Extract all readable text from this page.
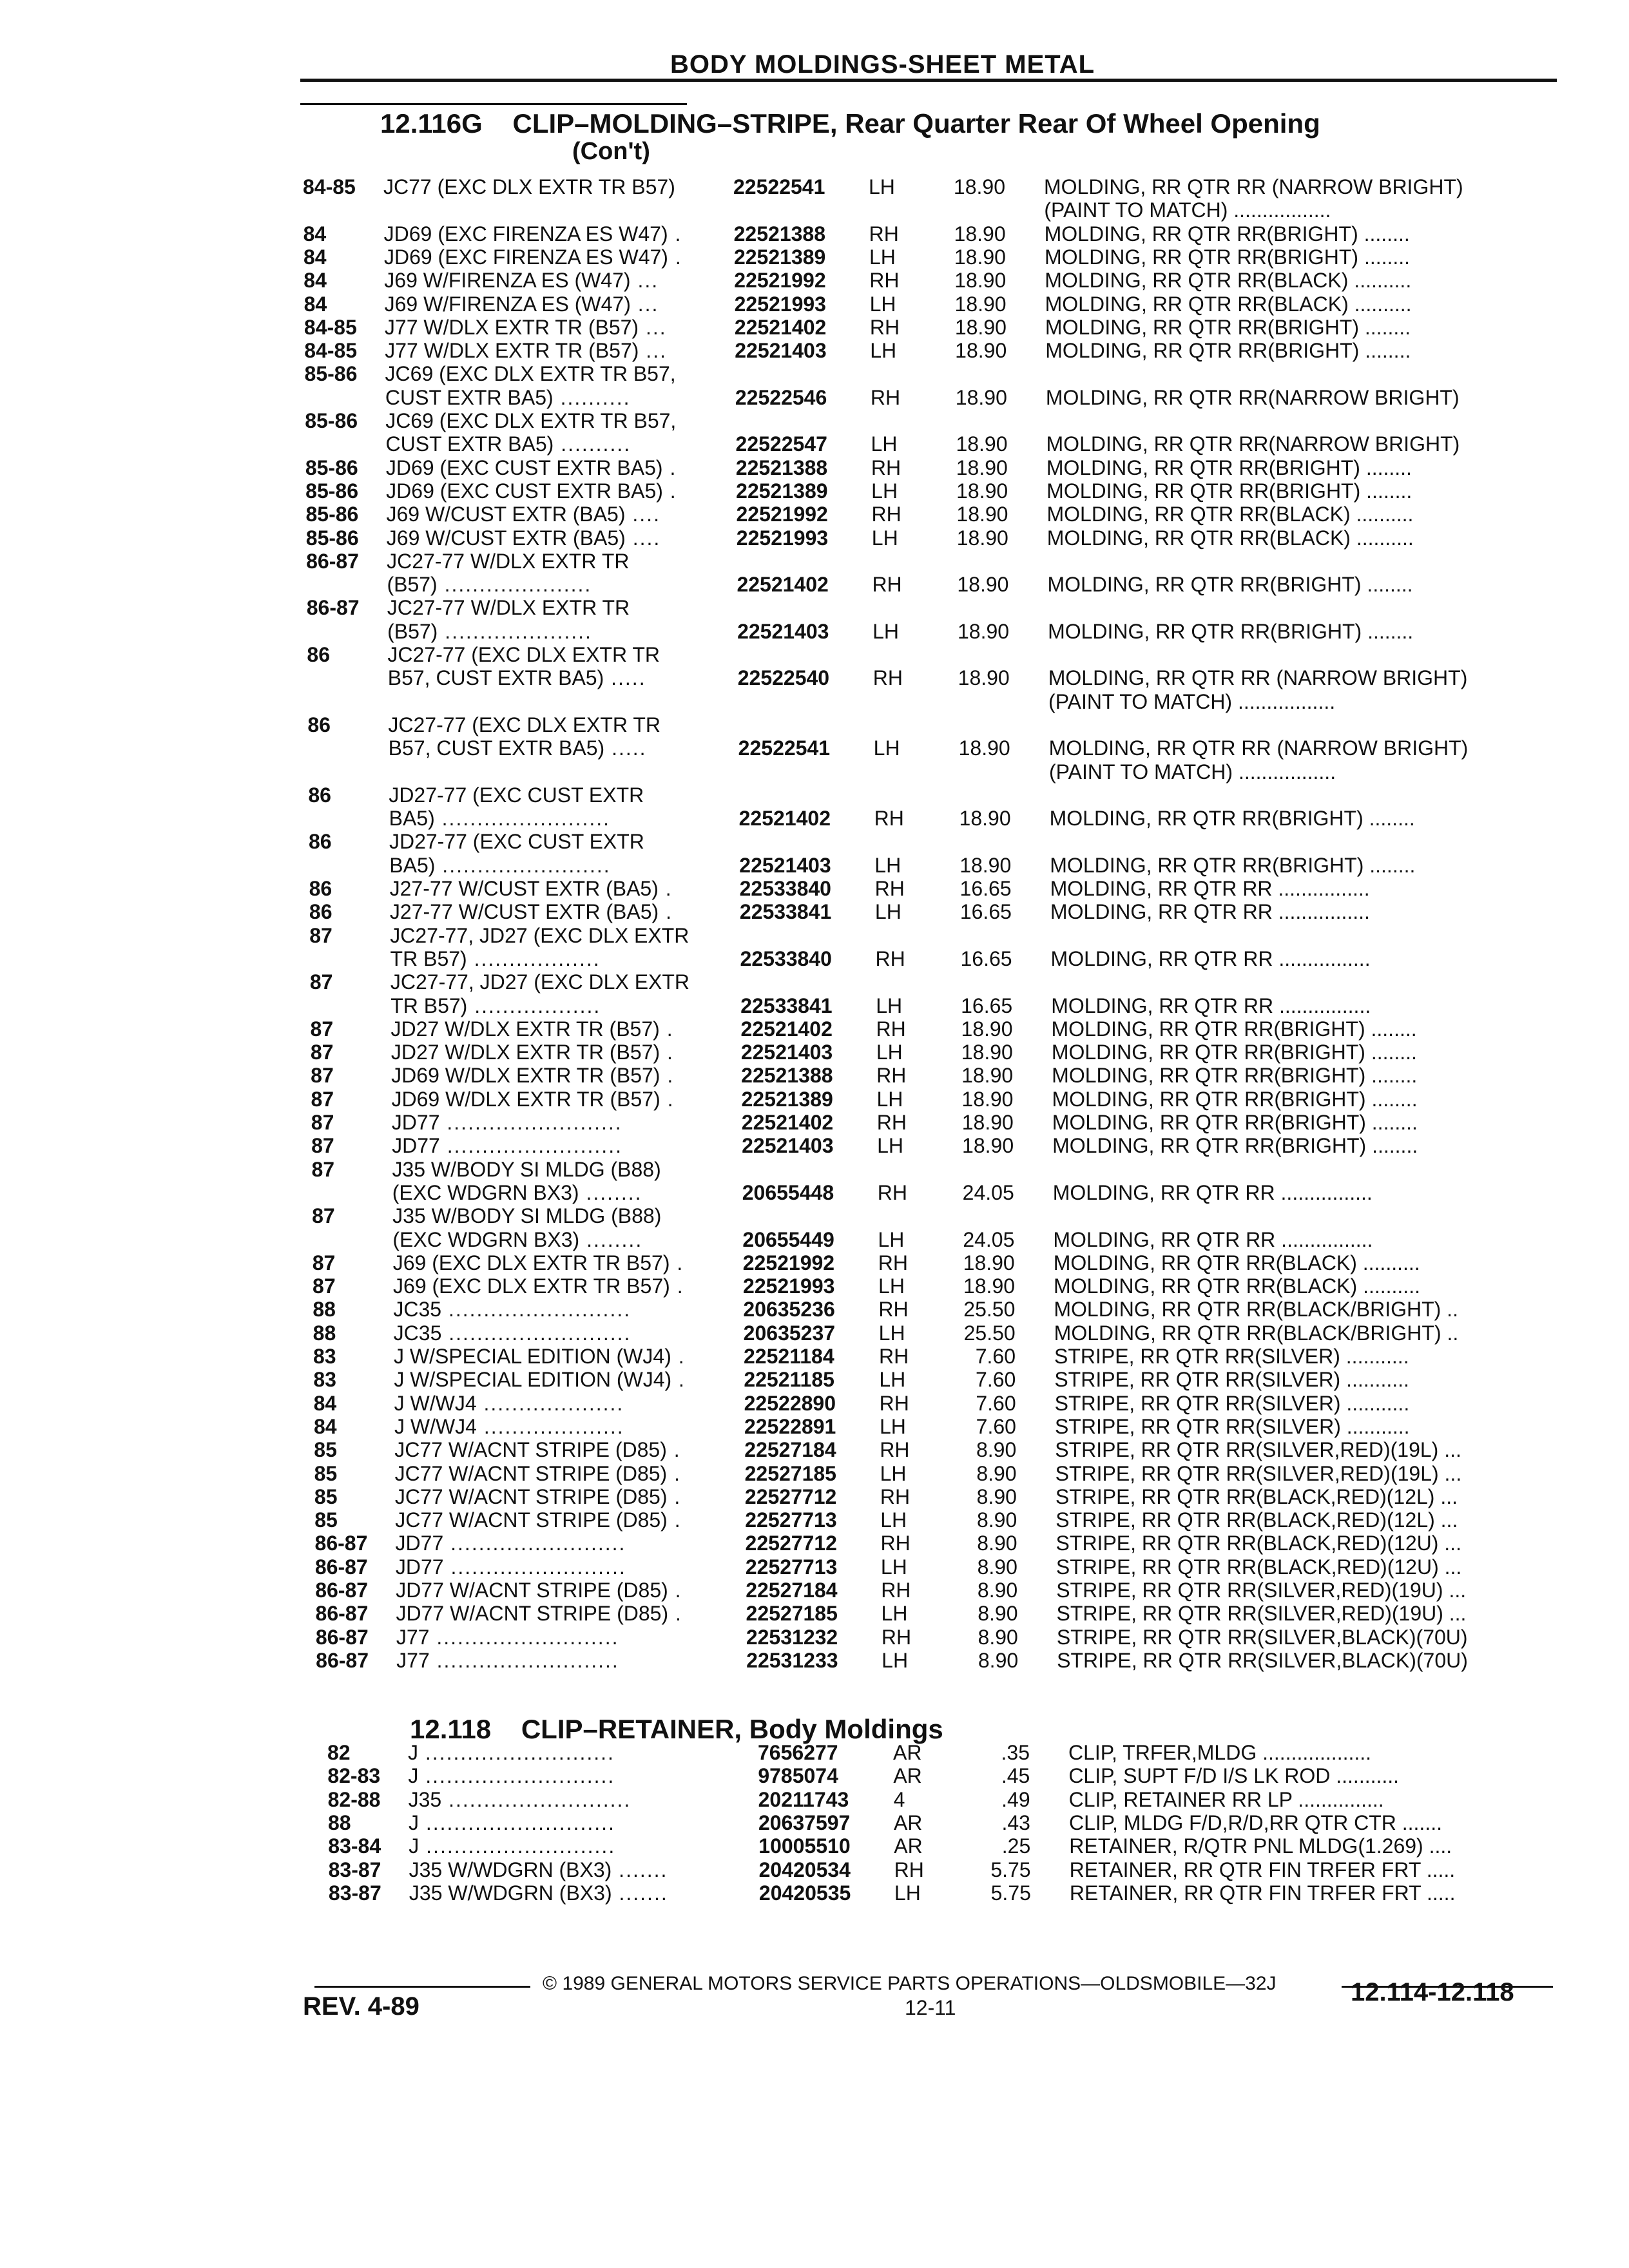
BODY MOLDINGS-SHEET METAL
12.116G CLIP–MOLDING–STRIPE, Rear Quarter Rear Of Wheel Opening
(Con't)
84-85	JC77 (EXC DLX EXTR TR B57)	22522541	LH	18.90 MOLDING, RR QTR RR (NARROW BRIGHT)
(PAINT TO MATCH) .................
84	JD69 (EXC FIRENZA ES W47) .	22521388	RH	18.90 MOLDING, RR QTR RR(BRIGHT) ........
84	JD69 (EXC FIRENZA ES W47) .	22521389	LH	18.90 MOLDING, RR QTR RR(BRIGHT) ........
84	J69 W/FIRENZA ES (W47) ...	22521992	RH	18.90 MOLDING, RR QTR RR(BLACK) ..........
84	J69 W/FIRENZA ES (W47) ...	22521993	LH	18.90 MOLDING, RR QTR RR(BLACK) ..........
84-85	J77 W/DLX EXTR TR (B57) ...	22521402	RH	18.90 MOLDING, RR QTR RR(BRIGHT) ........
84-85	J77 W/DLX EXTR TR (B57) ...	22521403	LH	18.90 MOLDING, RR QTR RR(BRIGHT) ........
85-86	JC69 (EXC DLX EXTR TR B57,
CUST EXTR BA5) ..........	22522546	RH	18.90 MOLDING, RR QTR RR(NARROW BRIGHT)
85-86	JC69 (EXC DLX EXTR TR B57,
CUST EXTR BA5) ..........	22522547	LH	18.90 MOLDING, RR QTR RR(NARROW BRIGHT)
85-86	JD69 (EXC CUST EXTR BA5) .	22521388	RH	18.90 MOLDING, RR QTR RR(BRIGHT) ........
85-86	JD69 (EXC CUST EXTR BA5) .	22521389	LH	18.90 MOLDING, RR QTR RR(BRIGHT) ........
85-86	J69 W/CUST EXTR (BA5) ....	22521992	RH	18.90 MOLDING, RR QTR RR(BLACK) ..........
85-86	J69 W/CUST EXTR (BA5) ....	22521993	LH	18.90 MOLDING, RR QTR RR(BLACK) ..........
86-87	JC27-77 W/DLX EXTR TR
(B57) .....................	22521402	RH	18.90 MOLDING, RR QTR RR(BRIGHT) ........
86-87	JC27-77 W/DLX EXTR TR
(B57) .....................	22521403	LH	18.90 MOLDING, RR QTR RR(BRIGHT) ........
86	JC27-77 (EXC DLX EXTR TR
B57, CUST EXTR BA5) .....	22522540	RH	18.90 MOLDING, RR QTR RR (NARROW BRIGHT)
(PAINT TO MATCH) .................
86	JC27-77 (EXC DLX EXTR TR
B57, CUST EXTR BA5) .....	22522541	LH	18.90 MOLDING, RR QTR RR (NARROW BRIGHT)
(PAINT TO MATCH) .................
86	JD27-77 (EXC CUST EXTR
BA5) ........................	22521402	RH	18.90 MOLDING, RR QTR RR(BRIGHT) ........
86	JD27-77 (EXC CUST EXTR
BA5) ........................	22521403	LH	18.90 MOLDING, RR QTR RR(BRIGHT) ........
86	J27-77 W/CUST EXTR (BA5) .	22533840	RH	16.65 MOLDING, RR QTR RR ................
86	J27-77 W/CUST EXTR (BA5) .	22533841	LH	16.65 MOLDING, RR QTR RR ................
87	JC27-77, JD27 (EXC DLX EXTR
TR B57) ..................	22533840	RH	16.65 MOLDING, RR QTR RR ................
87	JC27-77, JD27 (EXC DLX EXTR
TR B57) ..................	22533841	LH	16.65 MOLDING, RR QTR RR ................
87	JD27 W/DLX EXTR TR (B57) .	22521402	RH	18.90 MOLDING, RR QTR RR(BRIGHT) ........
87	JD27 W/DLX EXTR TR (B57) .	22521403	LH	18.90 MOLDING, RR QTR RR(BRIGHT) ........
87	JD69 W/DLX EXTR TR (B57) .	22521388	RH	18.90 MOLDING, RR QTR RR(BRIGHT) ........
87	JD69 W/DLX EXTR TR (B57) .	22521389	LH	18.90 MOLDING, RR QTR RR(BRIGHT) ........
87	JD77 .........................	22521402	RH	18.90 MOLDING, RR QTR RR(BRIGHT) ........
87	JD77 .........................	22521403	LH	18.90 MOLDING, RR QTR RR(BRIGHT) ........
87	J35 W/BODY SI MLDG (B88)
(EXC WDGRN BX3) ........	20655448	RH	24.05 MOLDING, RR QTR RR ................
87	J35 W/BODY SI MLDG (B88)
(EXC WDGRN BX3) ........	20655449	LH	24.05 MOLDING, RR QTR RR ................
87	J69 (EXC DLX EXTR TR B57) .	22521992	RH	18.90 MOLDING, RR QTR RR(BLACK) ..........
87	J69 (EXC DLX EXTR TR B57) .	22521993	LH	18.90 MOLDING, RR QTR RR(BLACK) ..........
88	JC35 ..........................	20635236	RH	25.50 MOLDING, RR QTR RR(BLACK/BRIGHT) ..
88	JC35 ..........................	20635237	LH	25.50 MOLDING, RR QTR RR(BLACK/BRIGHT) ..
83	J W/SPECIAL EDITION (WJ4) .	22521184	RH	7.60 STRIPE, RR QTR RR(SILVER) ...........
83	J W/SPECIAL EDITION (WJ4) .	22521185	LH	7.60 STRIPE, RR QTR RR(SILVER) ...........
84	J W/WJ4 ....................	22522890	RH	7.60 STRIPE, RR QTR RR(SILVER) ...........
84	J W/WJ4 ....................	22522891	LH	7.60 STRIPE, RR QTR RR(SILVER) ...........
85	JC77 W/ACNT STRIPE (D85) .	22527184	RH	8.90 STRIPE, RR QTR RR(SILVER,RED)(19L) ...
85	JC77 W/ACNT STRIPE (D85) .	22527185	LH	8.90 STRIPE, RR QTR RR(SILVER,RED)(19L) ...
85	JC77 W/ACNT STRIPE (D85) .	22527712	RH	8.90 STRIPE, RR QTR RR(BLACK,RED)(12L) ...
85	JC77 W/ACNT STRIPE (D85) .	22527713	LH	8.90 STRIPE, RR QTR RR(BLACK,RED)(12L) ...
86-87	JD77 .........................	22527712	RH	8.90 STRIPE, RR QTR RR(BLACK,RED)(12U) ...
86-87	JD77 .........................	22527713	LH	8.90 STRIPE, RR QTR RR(BLACK,RED)(12U) ...
86-87	JD77 W/ACNT STRIPE (D85) .	22527184	RH	8.90 STRIPE, RR QTR RR(SILVER,RED)(19U) ...
86-87	JD77 W/ACNT STRIPE (D85) .	22527185	LH	8.90 STRIPE, RR QTR RR(SILVER,RED)(19U) ...
86-87	J77 ..........................	22531232	RH	8.90 STRIPE, RR QTR RR(SILVER,BLACK)(70U)
86-87	J77 ..........................	22531233	LH	8.90 STRIPE, RR QTR RR(SILVER,BLACK)(70U)
12.118 CLIP–RETAINER, Body Moldings
82	J ...........................	7656277	AR	.35 CLIP, TRFER,MLDG ...................
82-83	J ...........................	9785074	AR	.45 CLIP, SUPT F/D I/S LK ROD ...........
82-88	J35 ..........................	20211743	4	.49 CLIP, RETAINER RR LP ...............
88	J ...........................	20637597	AR	.43 CLIP, MLDG F/D,R/D,RR QTR CTR .......
83-84	J ...........................	10005510	AR	.25 RETAINER, R/QTR PNL MLDG(1.269) ....
83-87	J35 W/WDGRN (BX3) .......	20420534	RH	5.75 RETAINER, RR QTR FIN TRFER FRT .....
83-87	J35 W/WDGRN (BX3) .......	20420535	LH	5.75 RETAINER, RR QTR FIN TRFER FRT .....
© 1989 GENERAL MOTORS SERVICE PARTS OPERATIONS—OLDSMOBILE—32J
12-11
REV. 4-89	12.114-12.118
